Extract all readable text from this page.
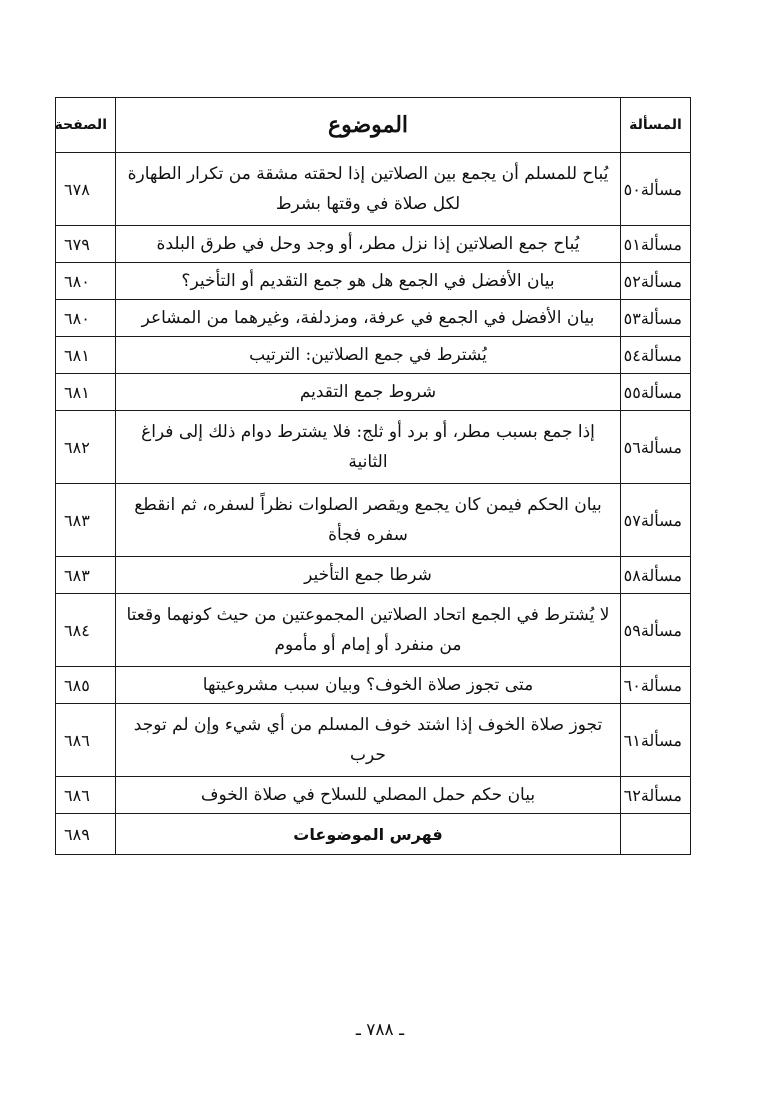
المسألة	الموضوع	الصفحة
مسألة٥٠	يُباح للمسلم أن يجمع بين الصلاتين إذا لحقته مشقة من تكرار الطهارة لكل صلاة في وقتها بشرط	٦٧٨
مسألة٥١	يُباح جمع الصلاتين إذا نزل مطر، أو وجد وحل في طرق البلدة	٦٧٩
مسألة٥٢	بيان الأفضل في الجمع هل هو جمع التقديم أو التأخير؟	٦٨٠
مسألة٥٣	بيان الأفضل في الجمع في عرفة، ومزدلفة، وغيرهما من المشاعر	٦٨٠
مسألة٥٤	يُشترط في جمع الصلاتين: الترتيب	٦٨١
مسألة٥٥	شروط جمع التقديم	٦٨١
مسألة٥٦	إذا جمع بسبب مطر، أو برد أو ثلج: فلا يشترط دوام ذلك إلى فراغ الثانية	٦٨٢
مسألة٥٧	بيان الحكم فيمن كان يجمع ويقصر الصلوات نظراً لسفره، ثم انقطع سفره فجأة	٦٨٣
مسألة٥٨	شرطا جمع التأخير	٦٨٣
مسألة٥٩	لا يُشترط في الجمع اتحاد الصلاتين المجموعتين من حيث كونهما وقعتا من منفرد أو إمام أو مأموم	٦٨٤
مسألة٦٠	متى تجوز صلاة الخوف؟ وبيان سبب مشروعيتها	٦٨٥
مسألة٦١	تجوز صلاة الخوف إذا اشتد خوف المسلم من أي شيء وإن لم توجد حرب	٦٨٦
مسألة٦٢	بيان حكم حمل المصلي للسلاح في صلاة الخوف	٦٨٦
	فهرس الموضوعات	٦٨٩
ـ ٧٨٨ ـ
